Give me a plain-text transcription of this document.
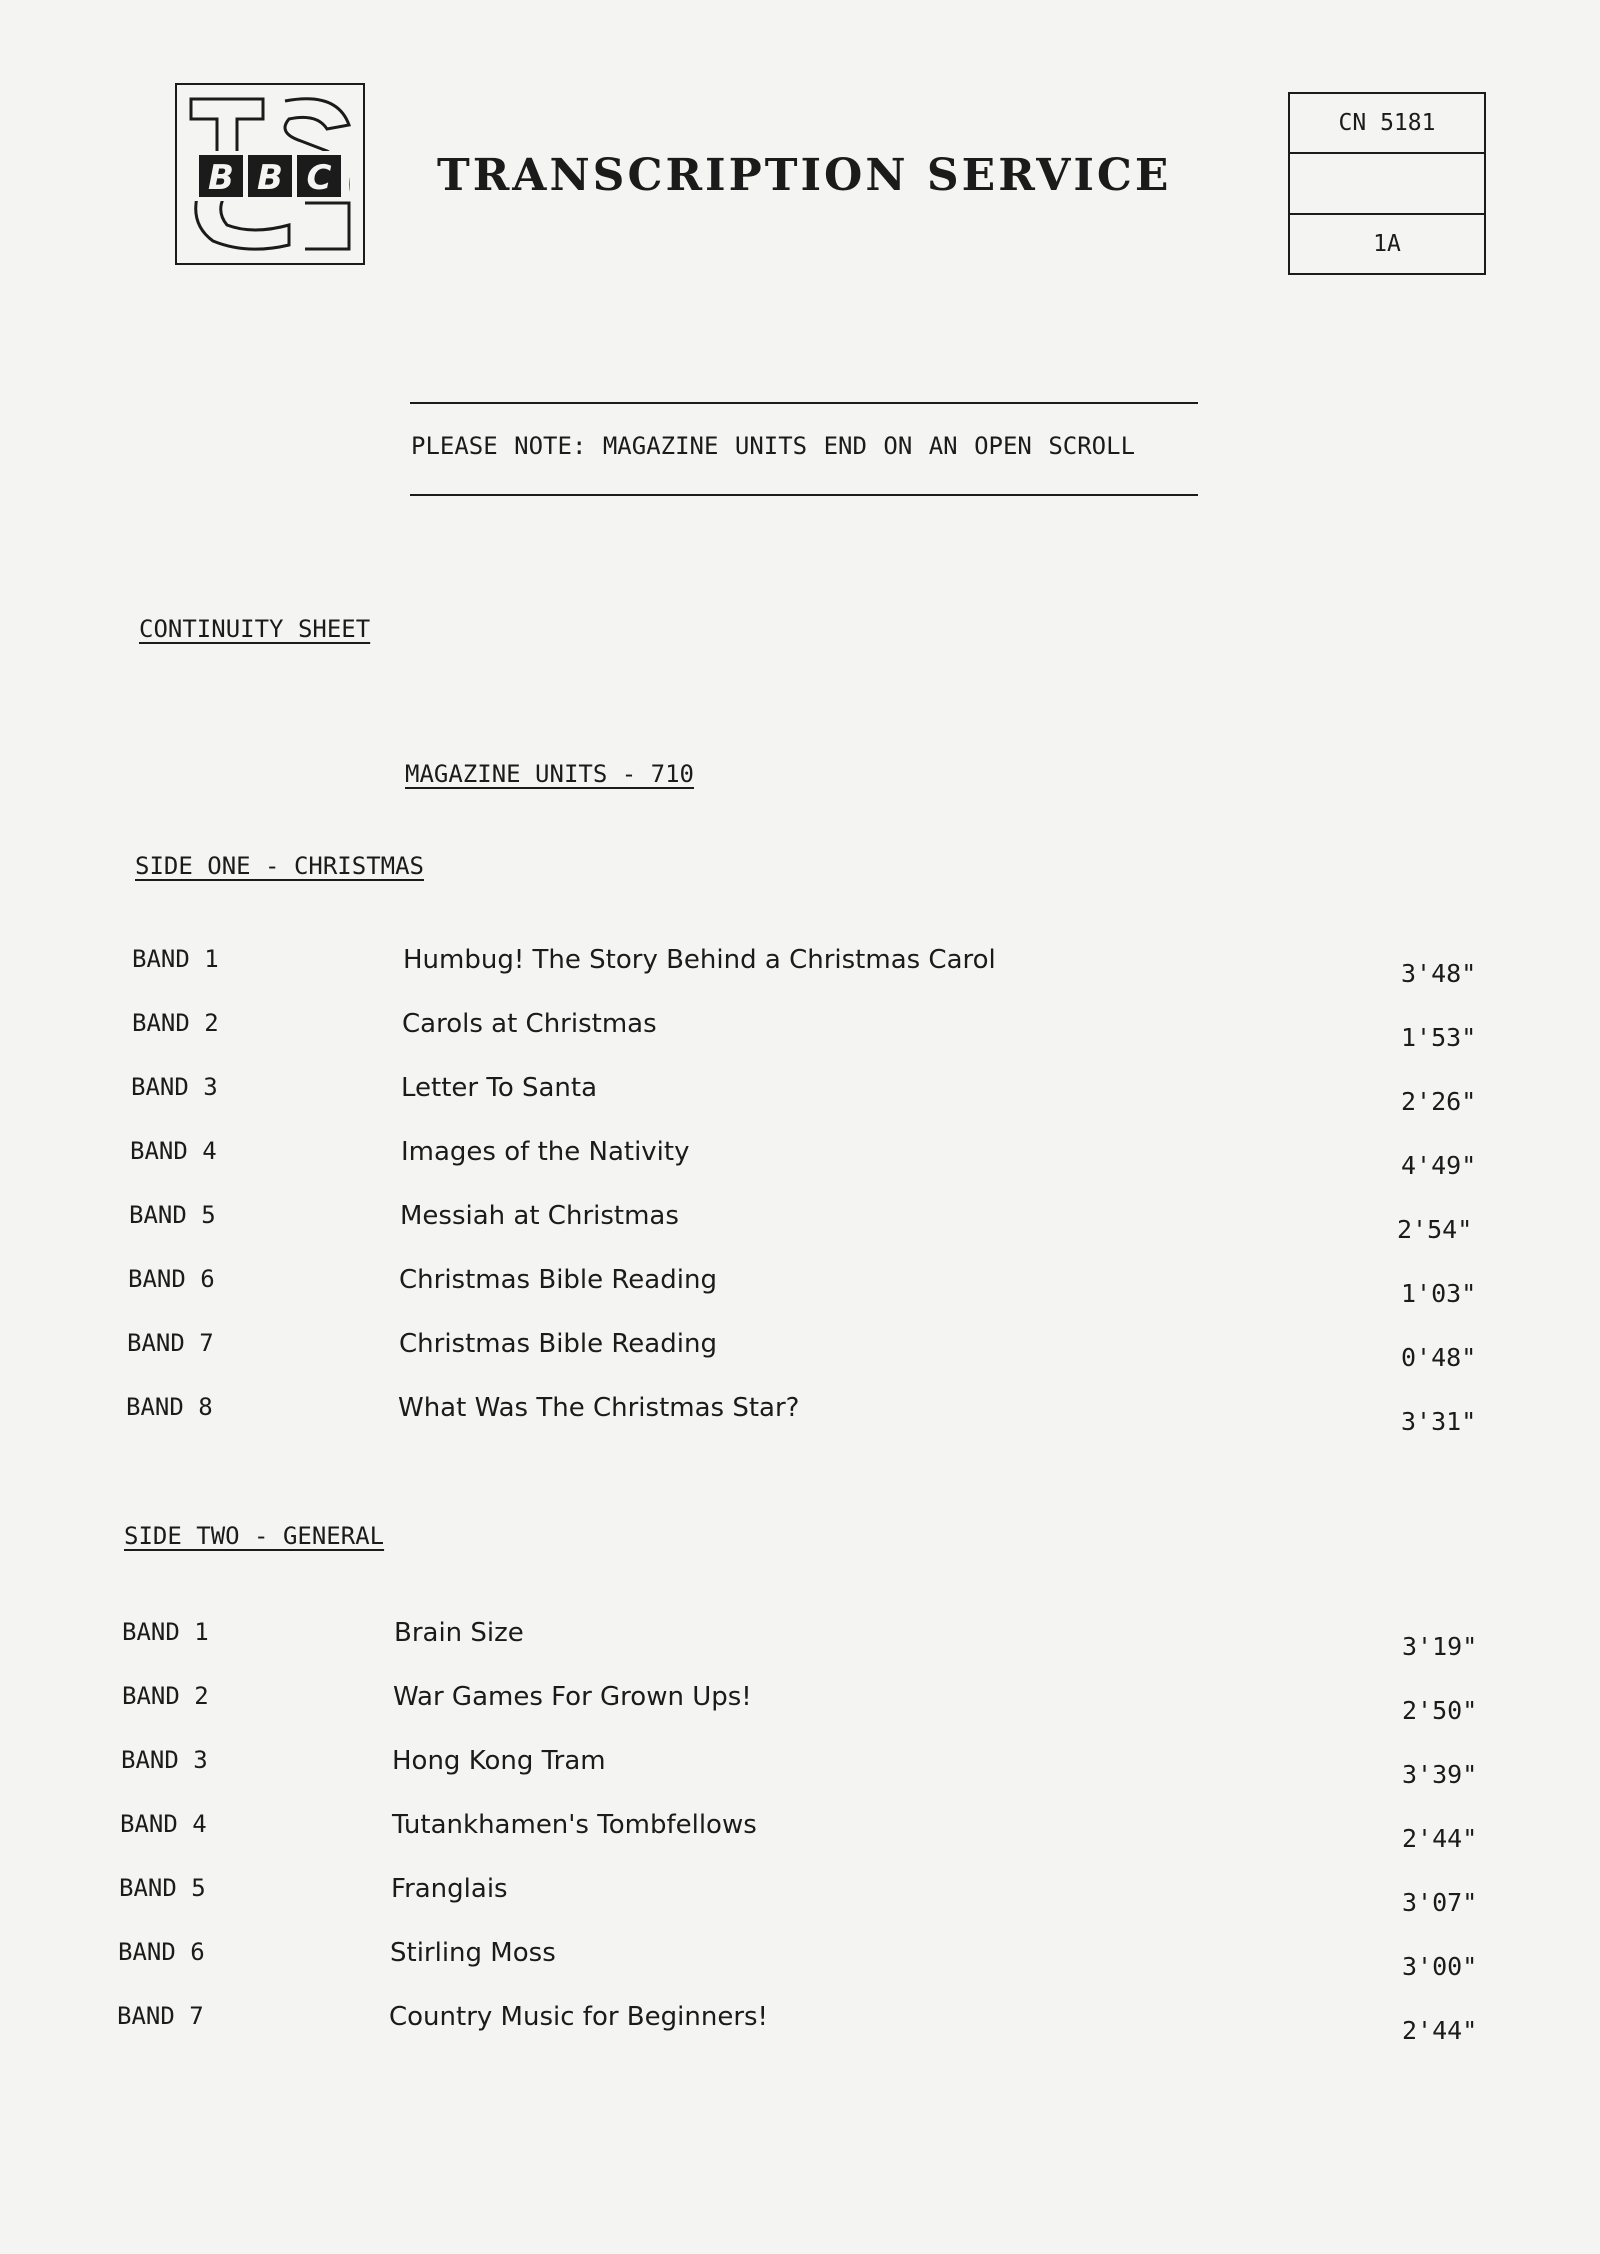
B B C TRANSCRIPTION SERVICE
CN 5181
1A
PLEASE NOTE: MAGAZINE UNITS END ON AN OPEN SCROLL
CONTINUITY SHEET
MAGAZINE UNITS - 710
SIDE ONE - CHRISTMAS
BAND 1	Humbug! The Story Behind a Christmas Carol	3'48"
BAND 2	Carols at Christmas	1'53"
BAND 3	Letter To Santa	2'26"
BAND 4	Images of the Nativity	4'49"
BAND 5	Messiah at Christmas	2'54"
BAND 6	Christmas Bible Reading	1'03"
BAND 7	Christmas Bible Reading	0'48"
BAND 8	What Was The Christmas Star?	3'31"
SIDE TWO - GENERAL
BAND 1	Brain Size	3'19"
BAND 2	War Games For Grown Ups!	2'50"
BAND 3	Hong Kong Tram	3'39"
BAND 4	Tutankhamen's Tombfellows	2'44"
BAND 5	Franglais	3'07"
BAND 6	Stirling Moss	3'00"
BAND 7	Country Music for Beginners!	2'44"
